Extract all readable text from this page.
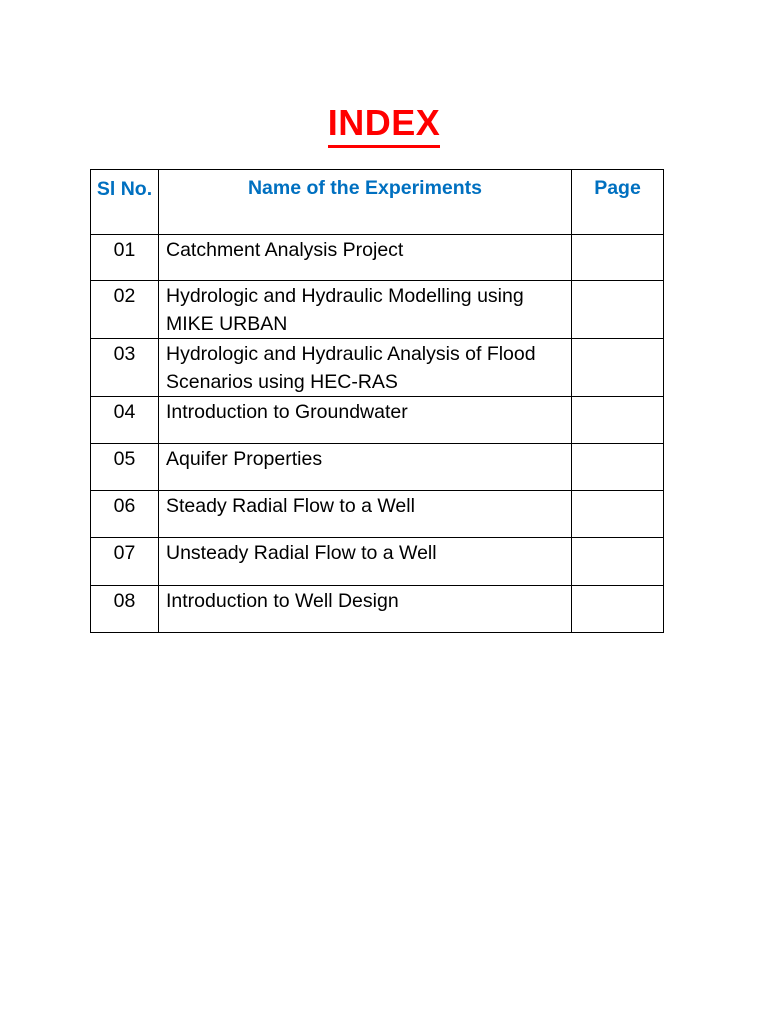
INDEX
Sl No.	Name of the Experiments	Page

01	Catchment Analysis Project	

02	Hydrologic and Hydraulic Modelling using MIKE URBAN	

03	Hydrologic and Hydraulic Analysis of Flood Scenarios using HEC-RAS	

04	Introduction to Groundwater	

05	Aquifer Properties	

06	Steady Radial Flow to a Well	

07	Unsteady Radial Flow to a Well	

08	Introduction to Well Design	
